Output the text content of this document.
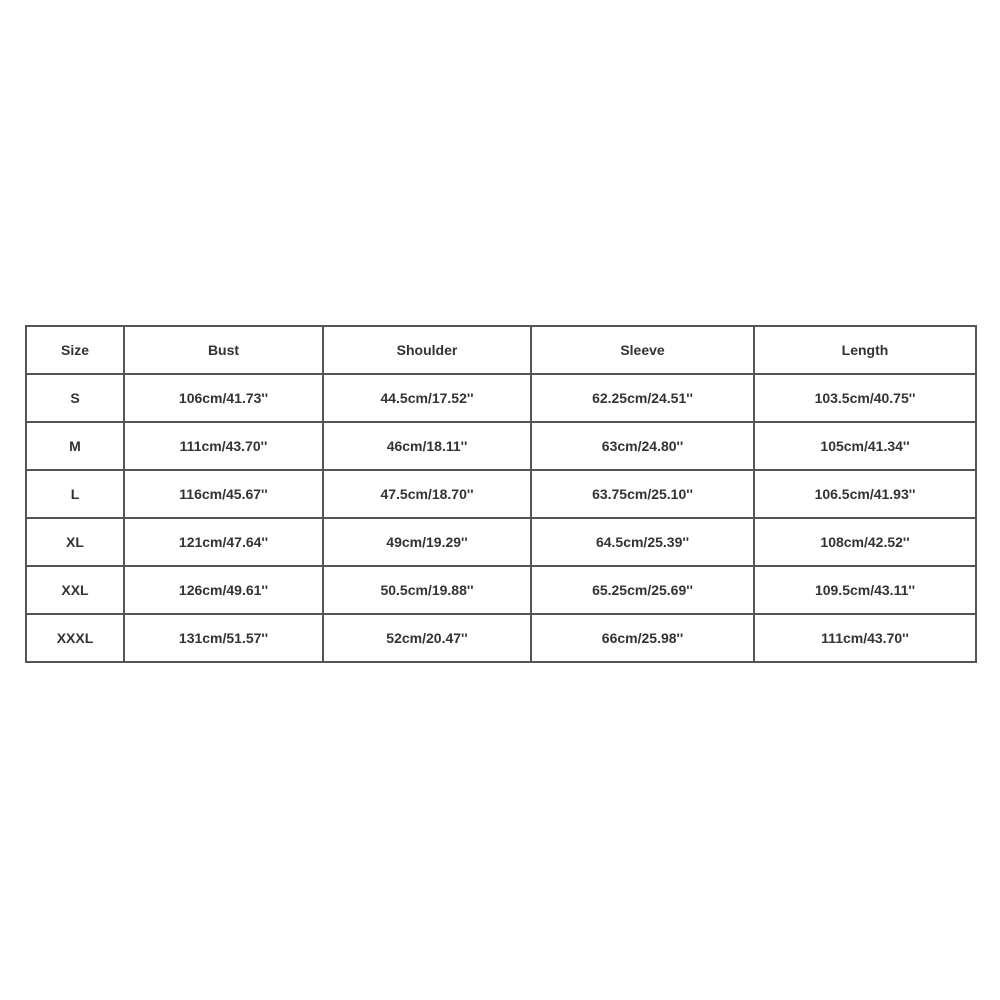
Size	Bust	Shoulder	Sleeve	Length
S	106cm/41.73''	44.5cm/17.52''	62.25cm/24.51''	103.5cm/40.75''
M	111cm/43.70''	46cm/18.11''	63cm/24.80''	105cm/41.34''
L	116cm/45.67''	47.5cm/18.70''	63.75cm/25.10''	106.5cm/41.93''
XL	121cm/47.64''	49cm/19.29''	64.5cm/25.39''	108cm/42.52''
XXL	126cm/49.61''	50.5cm/19.88''	65.25cm/25.69''	109.5cm/43.11''
XXXL	131cm/51.57''	52cm/20.47''	66cm/25.98''	111cm/43.70''
